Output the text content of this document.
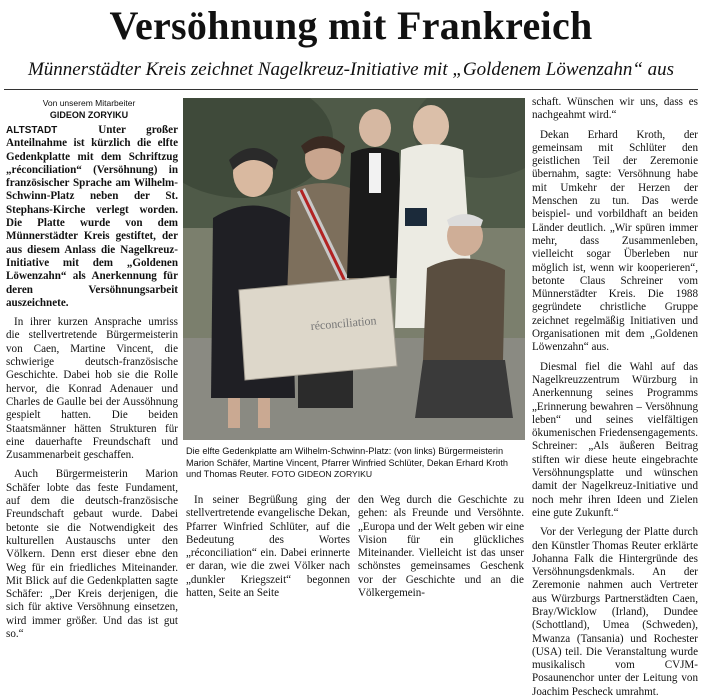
Versöhnung mit Frankreich
Münnerstädter Kreis zeichnet Nagelkreuz-Initiative mit „Goldenem Löwenzahn“ aus
Von unserem Mitarbeiter
GIDEON ZORYIKU

ALTSTADT	Unter großer Anteilnahme ist kürzlich die elfte Gedenkplatte mit dem Schriftzug „réconciliation“ (Versöhnung) in französischer Sprache am Wilhelm-Schwinn-Platz neben der St. Stephans-Kirche verlegt worden. Die Platte wurde von dem Münnerstädter Kreis gestiftet, der aus diesem Anlass die Nagelkreuz-Initiative mit dem „Goldenen Löwenzahn“ als Anerkennung für deren Versöhnungsarbeit auszeichnete.

In ihrer kurzen Ansprache umriss die stellvertretende Bürgermeisterin von Caen, Martine Vincent, die schwierige deutsch-französische Geschichte. Dabei hob sie die Rolle hervor, die Konrad Adenauer und Charles de Gaulle bei der Aussöhnung gespielt hatten. Die beiden Staatsmänner hätten Strukturen für eine dauerhafte Freundschaft und Zusammenarbeit geschaffen.

Auch Bürgermeisterin Marion Schäfer lobte das feste Fundament, auf dem die deutsch-französische Freundschaft gebaut wurde. Dabei betonte sie die Notwendigkeit des kulturellen Austauschs unter den Völkern. Denn erst dieser ebne den Weg für ein friedliches Miteinander. Mit Blick auf die Gedenkplatten sagte Schäfer: „Der Kreis derjenigen, die sich für aktive Versöhnung einsetzen, wird immer größer. Und das ist gut so.“

réconciliation
Die elfte Gedenkplatte am Wilhelm-Schwinn-Platz: (von links) Bürgermeisterin Marion Schäfer, Martine Vincent, Pfarrer Winfried Schlüter, Dekan Erhard Kroth und Thomas Reuter. FOTO GIDEON ZORYIKU

In seiner Begrüßung ging der stellvertretende evangelische Dekan, Pfarrer Winfried Schlüter, auf die Bedeutung des Wortes „réconciliation“ ein. Dabei erinnerte er daran, wie die zwei Völker nach „dunkler Kriegszeit“ begonnen hatten, Seite an Seite

den Weg durch die Geschichte zu gehen: als Freunde und Versöhnte. „Europa und der Welt geben wir eine Vision für ein glückliches Miteinander. Vielleicht ist das unser schönstes gemeinsames Geschenk vor der Geschichte und an die Völkergemein-

schaft. Wünschen wir uns, dass es nachgeahmt wird.“

Dekan Erhard Kroth, der gemeinsam mit Schlüter den geistlichen Teil der Zeremonie übernahm, sagte: Versöhnung habe mit Umkehr der Herzen der Menschen zu tun. Das werde beispiel- und vorbildhaft an beiden Länder deutlich. „Wir spüren immer mehr, dass Zusammenleben, vielleicht sogar Überleben nur möglich ist, wenn wir kooperieren“, betonte Claus Schreiner vom Münnerstädter Kreis. Die 1988 gegründete christliche Gruppe zeichnet regelmäßig Initiativen und Organisationen mit dem „Goldenen Löwenzahn“ aus.

Diesmal fiel die Wahl auf das Nagelkreuzzentrum Würzburg in Anerkennung seines Programms „Erinnerung bewahren – Versöhnung leben“ und seines vielfältigen ökumenischen Friedensengagements. Schreiner: „Als äußeren Beitrag stiften wir diese heute eingebrachte Versöhnungsplatte und wünschen damit der Nagelkreuz-Initiative und noch mehr ihren Ideen und Zielen eine gute Zukunft.“

Vor der Verlegung der Platte durch den Künstler Thomas Reuter erklärte Johanna Falk die Hintergründe des Versöhnungsdenkmals. An der Zeremonie nahmen auch Vertreter aus Würzburgs Partnerstädten Caen, Bray/Wicklow (Irland), Dundee (Schottland), Umea (Schweden), Mwanza (Tansania) und Rochester (USA) teil. Die Veranstaltung wurde musikalisch vom CVJM-Posaunenchor unter der Leitung von Joachim Pescheck umrahmt.
